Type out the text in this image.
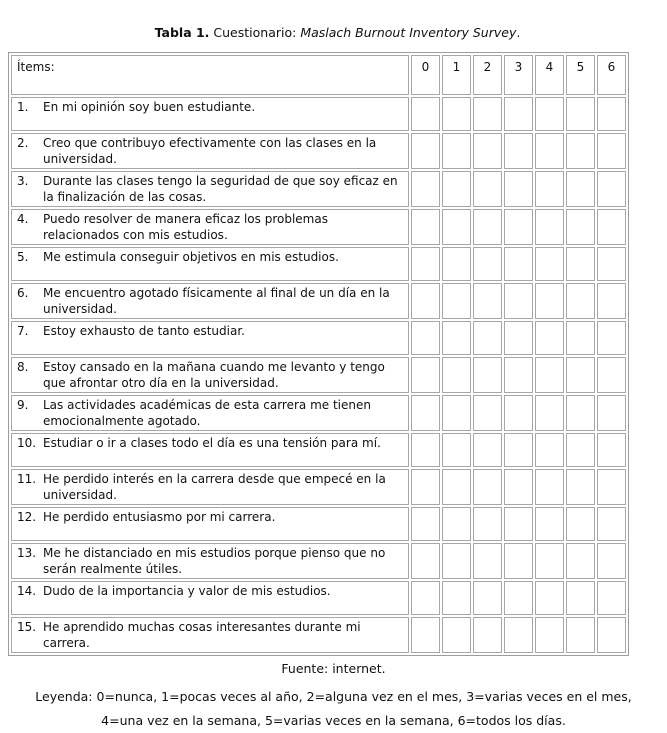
Tabla 1. Cuestionario: Maslach Burnout Inventory Survey.

Ítems:	0	1	2	3	4	5	6

1. En mi opinión soy buen estudiante.							

2. Creo que contribuyo efectivamente con las clases en la universidad.							

3. Durante las clases tengo la seguridad de que soy eficaz en la finalización de las cosas.							

4. Puedo resolver de manera eficaz los problemas relacionados con mis estudios.							

5. Me estimula conseguir objetivos en mis estudios.							

6. Me encuentro agotado físicamente al final de un día en la universidad.							

7. Estoy exhausto de tanto estudiar.							

8. Estoy cansado en la mañana cuando me levanto y tengo que afrontar otro día en la universidad.							

9. Las actividades académicas de esta carrera me tienen emocionalmente agotado.							

10. Estudiar o ir a clases todo el día es una tensión para mí.							

11. He perdido interés en la carrera desde que empecé en la universidad.							

12. He perdido entusiasmo por mi carrera.							

13. Me he distanciado en mis estudios porque pienso que no serán realmente útiles.							

14. Dudo de la importancia y valor de mis estudios.							

15. He aprendido muchas cosas interesantes durante mi carrera.							

Fuente: internet.
Leyenda: 0=nunca, 1=pocas veces al año, 2=alguna vez en el mes, 3=varias veces en el mes,
4=una vez en la semana, 5=varias veces en la semana, 6=todos los días.
